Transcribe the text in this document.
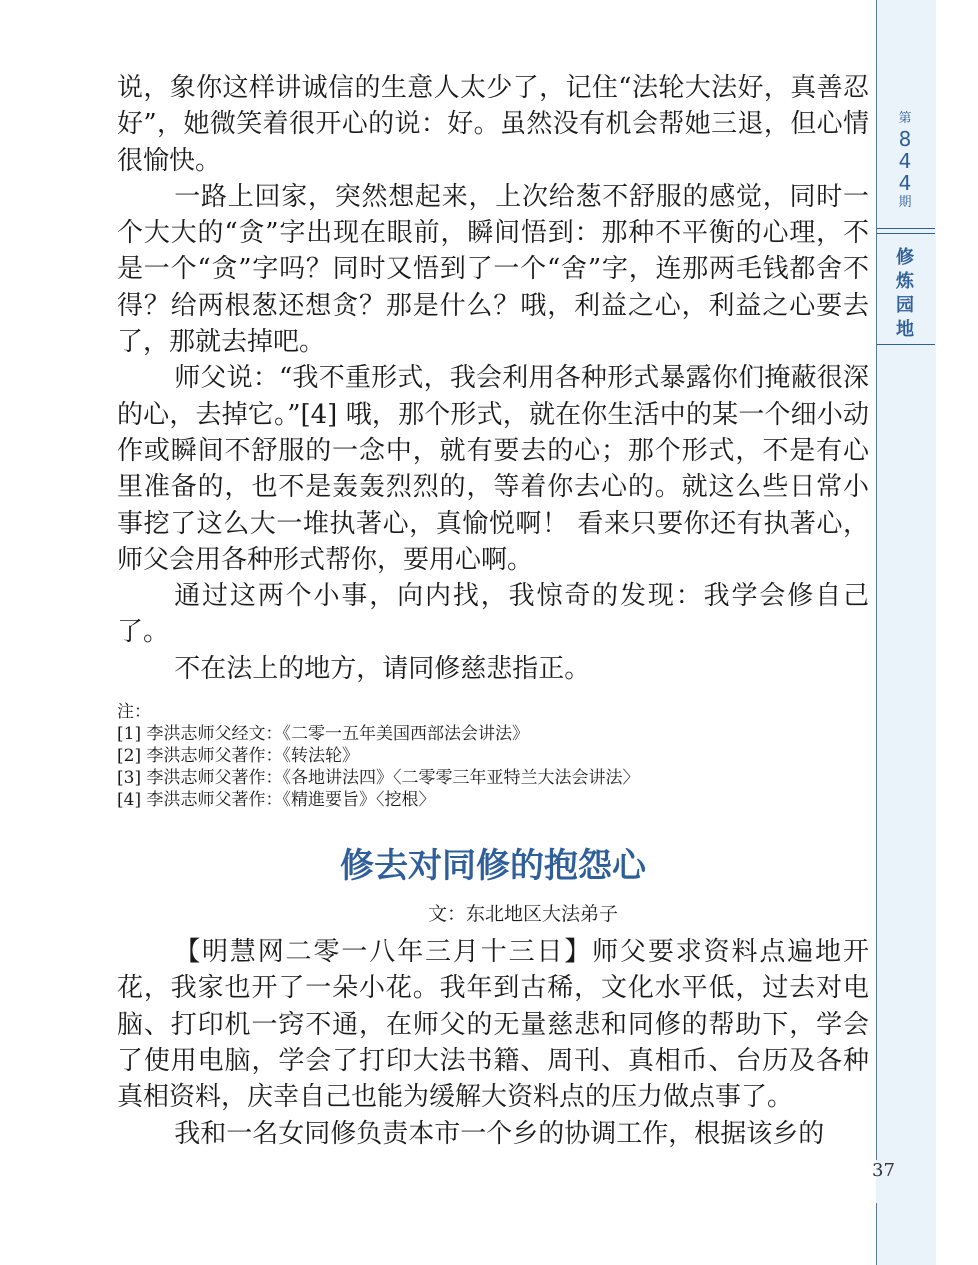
第
8
4
4
期
修
炼
园
地
37

说，象你这样讲诚信的生意人太少了，记住“法轮大法好，真善忍好”，她微笑着很开心的说：好。虽然没有机会帮她三退，但心情很愉快。

一路上回家，突然想起来，上次给葱不舒服的感觉，同时一个大大的“贪”字出现在眼前，瞬间悟到：那种不平衡的心理，不是一个“贪”字吗？同时又悟到了一个“舍”字，连那两毛钱都舍不得？给两根葱还想贪？那是什么？哦，利益之心，利益之心要去了，那就去掉吧。

师父说：“我不重形式，我会利用各种形式暴露你们掩蔽很深的心，去掉它。”[4] 哦，那个形式，就在你生活中的某一个细小动作或瞬间不舒服的一念中，就有要去的心；那个形式，不是有心里准备的，也不是轰轰烈烈的，等着你去心的。就这么些日常小事挖了这么大一堆执著心，真愉悦啊！ 看来只要你还有执著心，师父会用各种形式帮你，要用心啊。

通过这两个小事，向内找，我惊奇的发现：我学会修自己了。

不在法上的地方，请同修慈悲指正。

注：
[1] 李洪志师父经文：《二零一五年美国西部法会讲法》
[2] 李洪志师父著作：《转法轮》
[3] 李洪志师父著作：《各地讲法四》〈二零零三年亚特兰大法会讲法〉
[4] 李洪志师父著作：《精進要旨》〈挖根〉
修去对同修的抱怨心
文：东北地区大法弟子

【明慧网二零一八年三月十三日】师父要求资料点遍地开花，我家也开了一朵小花。我年到古稀，文化水平低，过去对电脑、打印机一窍不通，在师父的无量慈悲和同修的帮助下，学会了使用电脑，学会了打印大法书籍、周刊、真相币、台历及各种真相资料，庆幸自己也能为缓解大资料点的压力做点事了。

我和一名女同修负责本市一个乡的协调工作，根据该乡的
